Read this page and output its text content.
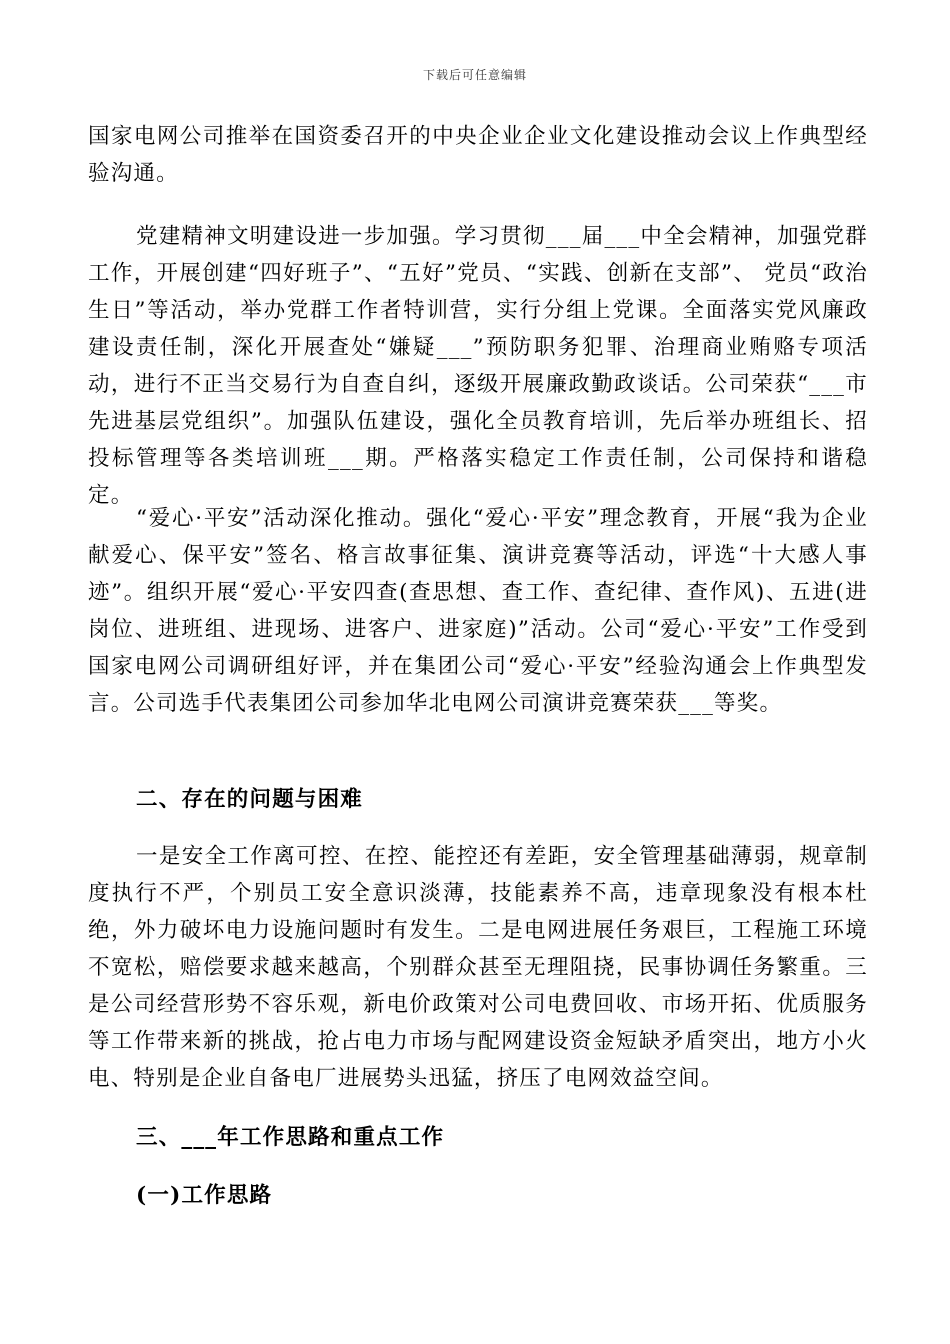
下载后可任意编辑

国家电网公司推举在国资委召开的中央企业企业文化建设推动会议上作典型经验沟通。

党建精神文明建设进一步加强。学习贯彻___届___中全会精神，加强党群工作，开展创建“四好班子”、“五好”党员、“实践、创新在支部”、 党员“政治生日”等活动，举办党群工作者特训营，实行分组上党课。全面落实党风廉政建设责任制，深化开展查处“嫌疑___”预防职务犯罪、治理商业贿赂专项活动，进行不正当交易行为自查自纠，逐级开展廉政勤政谈话。公司荣获“___市先进基层党组织”。加强队伍建设，强化全员教育培训，先后举办班组长、招投标管理等各类培训班___期。严格落实稳定工作责任制，公司保持和谐稳定。

“爱心·平安”活动深化推动。强化“爱心·平安”理念教育，开展“我为企业献爱心、保平安”签名、格言故事征集、演讲竞赛等活动，评选“十大感人事迹”。组织开展“爱心·平安四查(查思想、查工作、查纪律、查作风)、五进(进岗位、进班组、进现场、进客户、进家庭)”活动。公司“爱心·平安”工作受到国家电网公司调研组好评，并在集团公司“爱心·平安”经验沟通会上作典型发言。公司选手代表集团公司参加华北电网公司演讲竞赛荣获___等奖。

二、存在的问题与困难

一是安全工作离可控、在控、能控还有差距，安全管理基础薄弱，规章制度执行不严，个别员工安全意识淡薄，技能素养不高，违章现象没有根本杜绝，外力破坏电力设施问题时有发生。二是电网进展任务艰巨，工程施工环境不宽松，赔偿要求越来越高，个别群众甚至无理阻挠，民事协调任务繁重。三是公司经营形势不容乐观，新电价政策对公司电费回收、市场开拓、优质服务等工作带来新的挑战，抢占电力市场与配网建设资金短缺矛盾突出，地方小火电、特别是企业自备电厂进展势头迅猛，挤压了电网效益空间。

三、___年工作思路和重点工作
(一)工作思路
